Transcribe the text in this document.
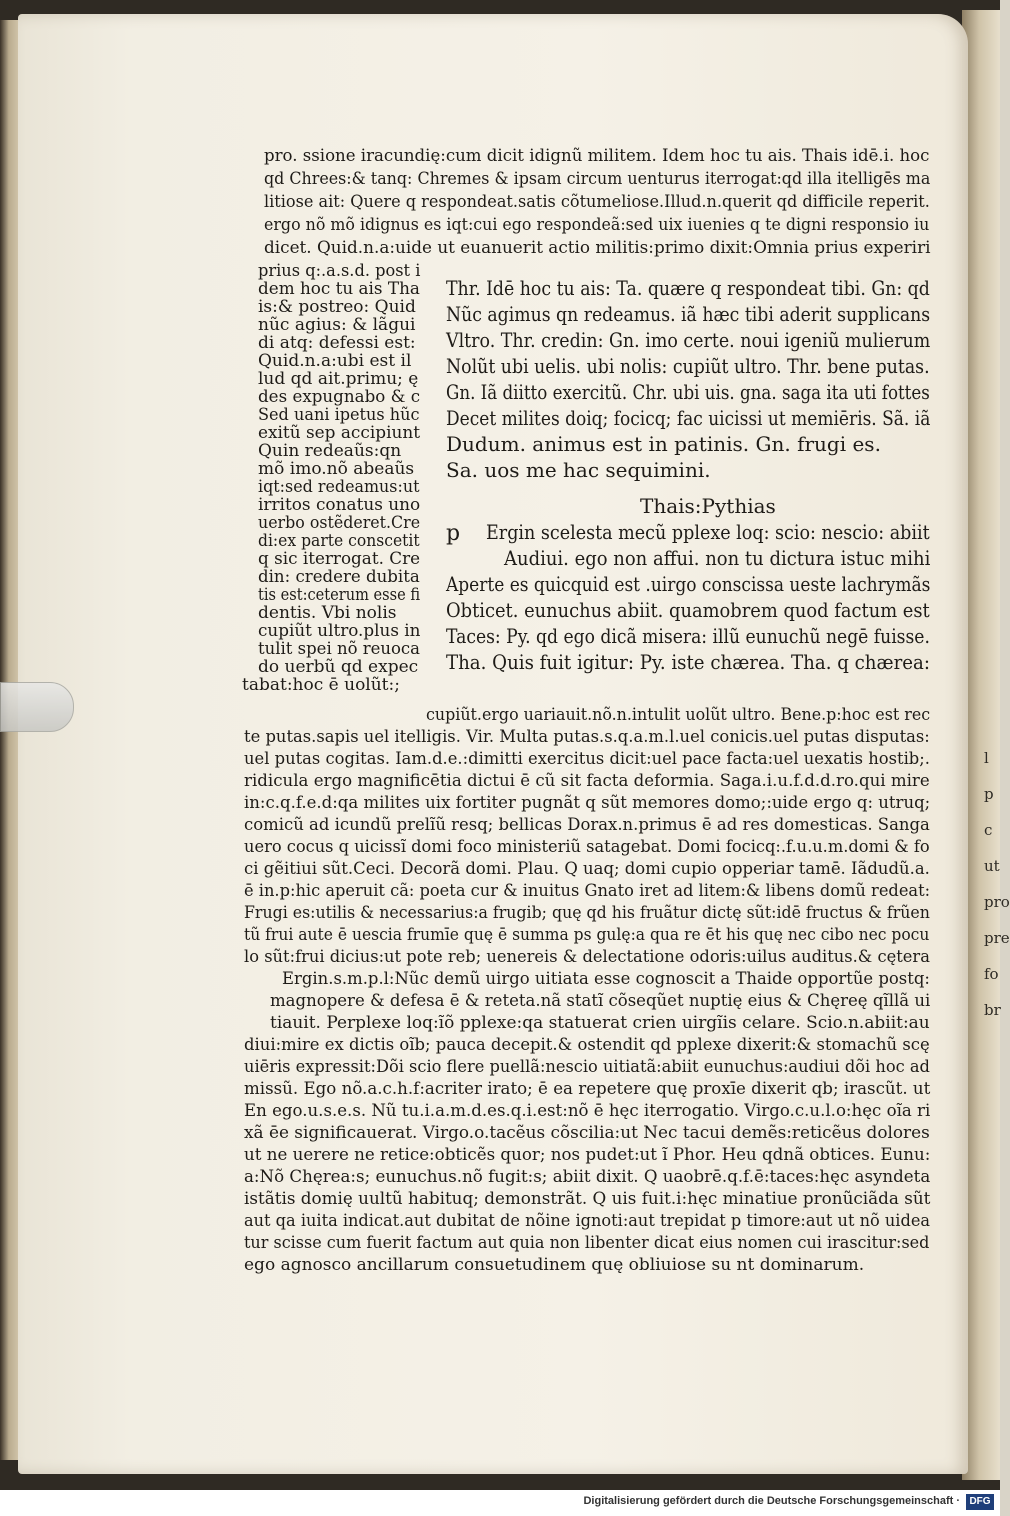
l
p
c
ut
pro
pre
fo
br
pro. ssione iracundię:cum dicit idignũ militem. Idem hoc tu ais. Thais idē.i. hoc
qd Chrees:& tanq: Chremes & ipsam circum uenturus iterrogat:qd illa itelligēs ma
litiose ait: Quere q respondeat.satis cõtumeliose.Illud.n.querit qd difficile reperit.
ergo nõ mõ idignus es iqt:cui ego respondeã:sed uix iuenies q te digni responsio iu
dicet. Quid.n.a:uide ut euanuerit actio militis:primo dixit:Omnia prius experiri
prius q:.a.s.d. post i
dem hoc tu ais Tha
is:& postreo: Quid
nũc agius: & lãgui
di atq: defessi est:
Quid.n.a:ubi est il
lud qd ait.primu; ę
des expugnabo & c
Sed uani ipetus hũc
exitũ sep accipiunt
Quin redeaũs:qn
mõ imo.nõ abeaũs
iqt:sed redeamus:ut
irritos conatus uno
uerbo ostẽderet.Cre
di:ex parte conscetit
q sic iterrogat. Cre
din: credere dubita
tis est:ceterum esse fi
dentis. Vbi nolis
cupiũt ultro.plus in
tulit spei nõ reuoca
do uerbũ qd expec
tabat:hoc ē uolũt:;
Thr. Idē hoc tu ais: Ta. quære q respondeat tibi. Gn: qd
Nũc agimus qn redeamus. iã hæc tibi aderit supplicans
Vltro. Thr. credin: Gn. imo certe. noui igeniũ mulierum
Nolũt ubi uelis. ubi nolis: cupiũt ultro. Thr. bene putas.
Gn. Iã diitto exercitũ. Chr. ubi uis. gna. saga ita uti fottes
Decet milites doiq; focicq; fac uicissi ut memiēris. Sã. iã
Dudum. animus est in patinis. Gn. frugi es.
Sa. uos me hac sequimini.
Thais:Pythias
p Ergin scelesta mecũ pplexe loq: scio: nescio: abiit
Audiui. ego non affui. non tu dictura istuc mihi
Aperte es quicquid est .uirgo conscissa ueste lachrymãs
Obticet. eunuchus abiit. quamobrem quod factum est
Taces: Py. qd ego dicã misera: illũ eunuchũ negē fuisse.
Tha. Quis fuit igitur: Py. iste chærea. Tha. q chærea:
cupiũt.ergo uariauit.nõ.n.intulit uolũt ultro. Bene.p:hoc est rec
te putas.sapis uel itelligis. Vir. Multa putas.s.q.a.m.l.uel conicis.uel putas disputas:
uel putas cogitas. Iam.d.e.:dimitti exercitus dicit:uel pace facta:uel uexatis hostib;.
ridicula ergo magnificētia dictui ē cũ sit facta deformia. Saga.i.u.f.d.d.ro.qui mire
in:c.q.f.e.d:qa milites uix fortiter pugnãt q sũt memores domo;:uide ergo q: utruq;
comicũ ad icundũ prelĩũ resq; bellicas Dorax.n.primus ē ad res domesticas. Sanga
uero cocus q uicissĩ domi foco ministeriũ satagebat. Domi focicq:.f.u.u.m.domi & fo
ci gẽitiui sũt.Ceci. Decorã domi. Plau. Q uaq; domi cupio opperiar tamē. Iãdudũ.a.
ē in.p:hic aperuit cã: poeta cur & inuitus Gnato iret ad litem:& libens domũ redeat:
Frugi es:utilis & necessarius:a frugib; quę qd his fruãtur dictę sũt:idē fructus & frũen
tũ frui aute ē uescia frumīe quę ē summa ps gulę:a qua re ēt his quę nec cibo nec pocu
lo sũt:frui dicius:ut pote reb; uenereis & delectatione odoris:uilus auditus.& cętera
Ergin.s.m.p.l:Nũc demũ uirgo uitiata esse cognoscit a Thaide opportũe postq:
magnopere & defesa ē & reteta.nã statĩ cõseqũet nuptię eius & Chęreę qĩllã ui
tiauit. Perplexe loq:ĩõ pplexe:qa statuerat crien uirgĩis celare. Scio.n.abiit:au
diui:mire ex dictis oĩb; pauca decepit.& ostendit qd pplexe dixerit:& stomachũ scę
uiēris expressit:Dõi scio flere puellã:nescio uitiatã:abiit eunuchus:audiui dõi hoc ad
missũ. Ego nõ.a.c.h.f:acriter irato; ē ea repetere quę proxīe dixerit qb; irascũt. ut
En ego.u.s.e.s. Nũ tu.i.a.m.d.es.q.i.est:nõ ē hęc iterrogatio. Virgo.c.u.l.o:hęc oĩa ri
xã ēe significauerat. Virgo.o.tacẽus cõscilia:ut Nec tacui demẽs:reticẽus dolores
ut ne uerere ne retice:obticẽs quor; nos pudet:ut ĩ Phor. Heu qdnã obtices. Eunu:
a:Nõ Chęrea:s; eunuchus.nõ fugit:s; abiit dixit. Q uaobrē.q.f.ē:taces:hęc asyndeta
istãtis domię uultũ habituq; demonstrãt. Q uis fuit.i:hęc minatiue pronũciãda sũt
aut qa iuita indicat.aut dubitat de nõine ignoti:aut trepidat p timore:aut ut nõ uidea
tur scisse cum fuerit factum aut quia non libenter dicat eius nomen cui irascitur:sed
ego agnosco ancillarum consuetudinem quę obliuiose su nt dominarum.
Digitalisierung gefördert durch die Deutsche Forschungsgemeinschaft · DFG
